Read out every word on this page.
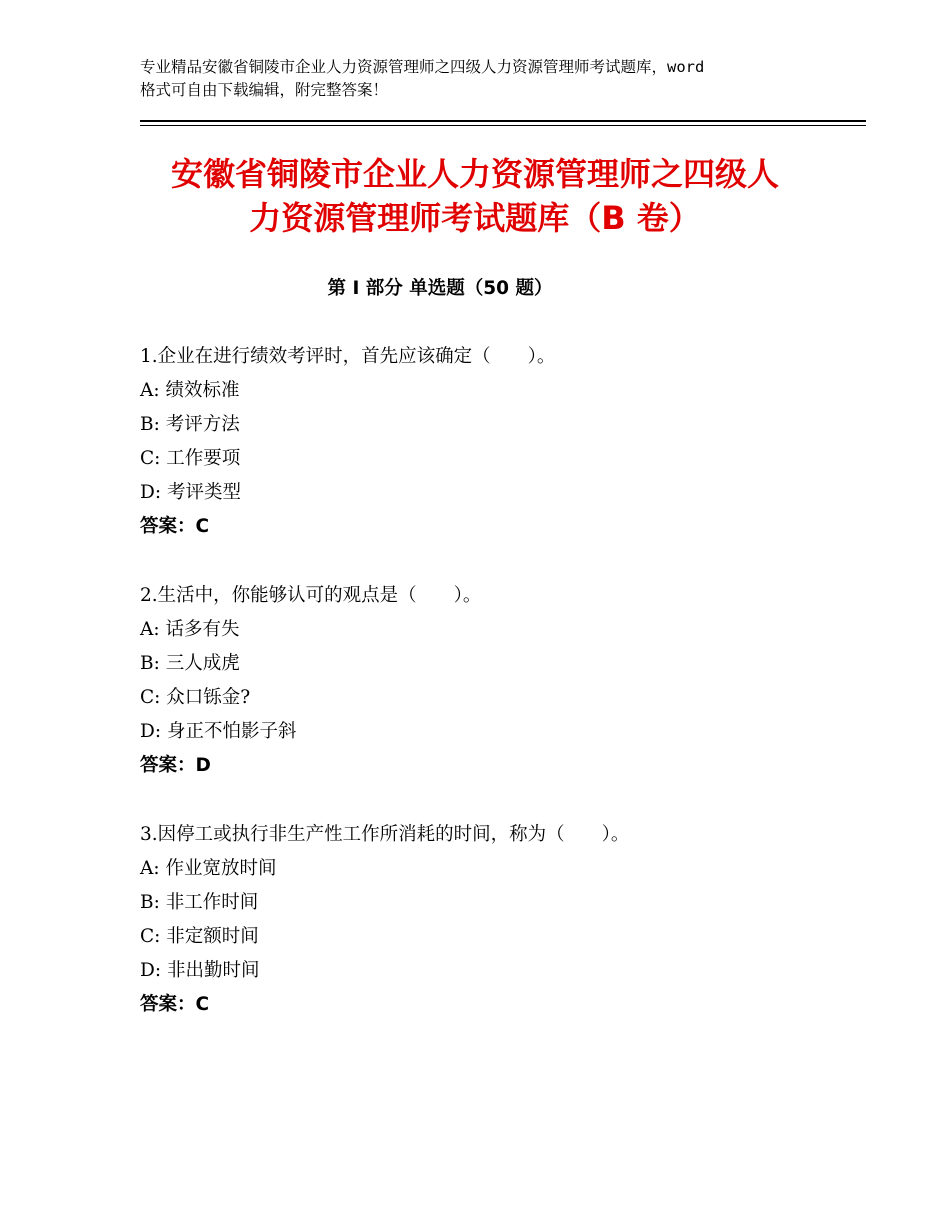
专业精品安徽省铜陵市企业人力资源管理师之四级人力资源管理师考试题库，word
格式可自由下载编辑，附完整答案！
安徽省铜陵市企业人力资源管理师之四级人
力资源管理师考试题库（B 卷）
第 I 部分 单选题（50 题）
1.企业在进行绩效考评时，首先应该确定（　　）。
A: 绩效标准
B: 考评方法
C: 工作要项
D: 考评类型
答案：C
2.生活中，你能够认可的观点是（　　）。
A: 话多有失
B: 三人成虎
C: 众口铄金?
D: 身正不怕影子斜
答案：D
3.因停工或执行非生产性工作所消耗的时间，称为（　　）。
A: 作业宽放时间
B: 非工作时间
C: 非定额时间
D: 非出勤时间
答案：C
